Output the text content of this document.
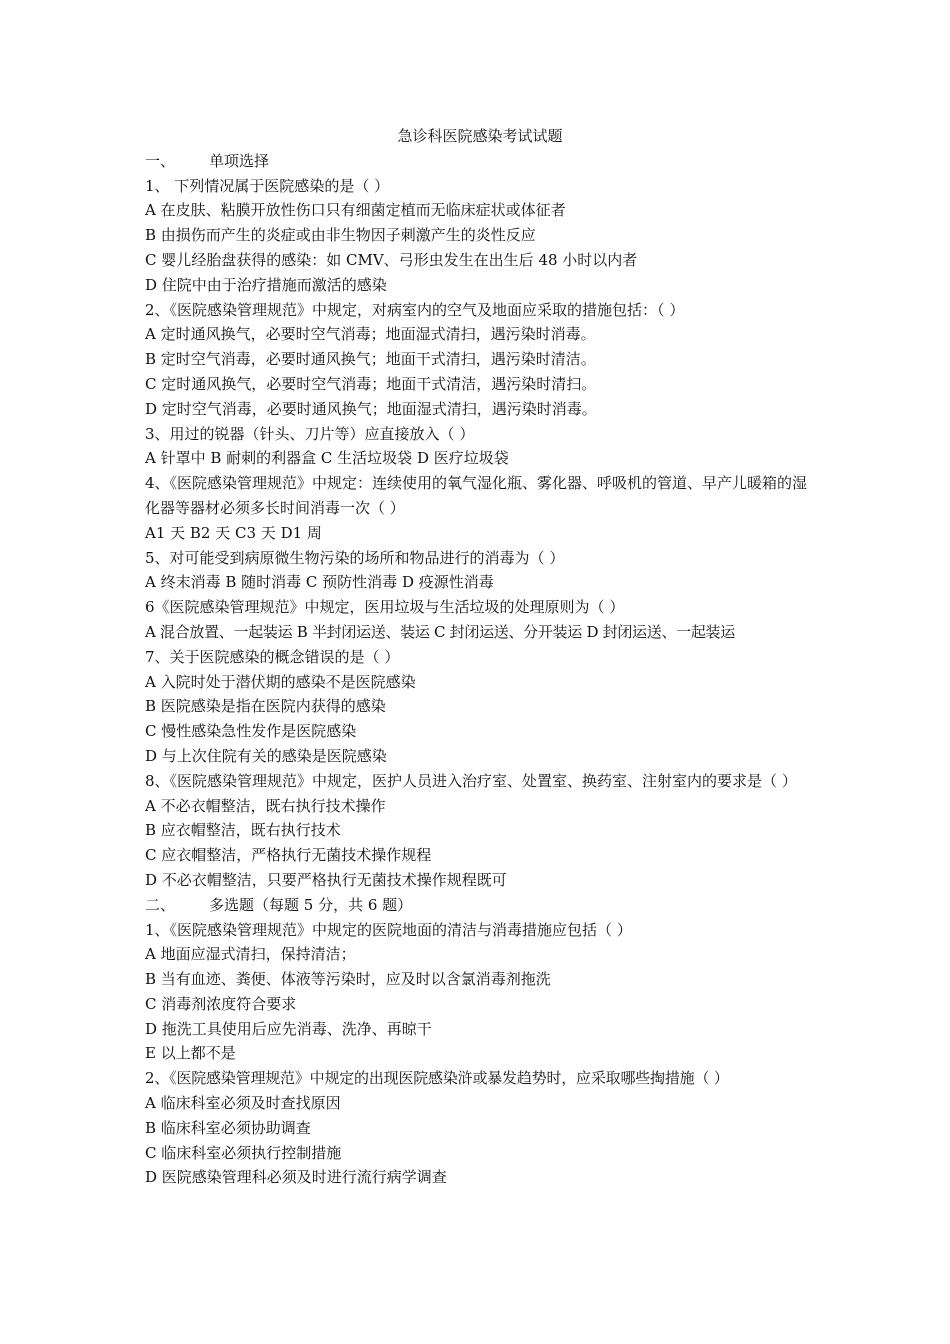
急诊科医院感染考试试题

一、 单项选择

1、 下列情况属于医院感染的是（ ）

A 在皮肤、粘膜开放性伤口只有细菌定植而无临床症状或体征者

B 由损伤而产生的炎症或由非生物因子刺激产生的炎性反应

C 婴儿经胎盘获得的感染：如 CMV、弓形虫发生在出生后 48 小时以内者

D 住院中由于治疗措施而激活的感染

2、《医院感染管理规范》中规定，对病室内的空气及地面应采取的措施包括：（ ）

A 定时通风换气，必要时空气消毒；地面湿式清扫，遇污染时消毒。

B 定时空气消毒，必要时通风换气；地面干式清扫，遇污染时清洁。

C 定时通风换气，必要时空气消毒；地面干式清洁，遇污染时清扫。

D 定时空气消毒，必要时通风换气；地面湿式清扫，遇污染时消毒。

3、用过的锐器（针头、刀片等）应直接放入（ ）

A 针罩中 B 耐刺的利器盒 C 生活垃圾袋 D 医疗垃圾袋

4、《医院感染管理规范》中规定：连续使用的氧气湿化瓶、雾化器、呼吸机的管道、早产儿暖箱的湿化器等器材必须多长时间消毒一次（ ）

A1 天 B2 天 C3 天 D1 周

5、对可能受到病原微生物污染的场所和物品进行的消毒为（ ）

A 终末消毒 B 随时消毒 C 预防性消毒 D 疫源性消毒

6《医院感染管理规范》中规定，医用垃圾与生活垃圾的处理原则为（ ）

A 混合放置、一起装运 B 半封闭运送、装运 C 封闭运送、分开装运 D 封闭运送、一起装运

7、关于医院感染的概念错误的是（ ）

A 入院时处于潜伏期的感染不是医院感染

B 医院感染是指在医院内获得的感染

C 慢性感染急性发作是医院感染

D 与上次住院有关的感染是医院感染

8、《医院感染管理规范》中规定，医护人员进入治疗室、处置室、换药室、注射室内的要求是（ ）

A 不必衣帽整洁，既右执行技术操作

B 应衣帽整洁，既右执行技术

C 应衣帽整洁，严格执行无菌技术操作规程

D 不必衣帽整洁，只要严格执行无菌技术操作规程既可

二、 多选题（每题 5 分，共 6 题）

1、《医院感染管理规范》中规定的医院地面的清洁与消毒措施应包括（ ）

A 地面应湿式清扫，保持清洁；

B 当有血迹、粪便、体液等污染时，应及时以含氯消毒剂拖洗

C 消毒剂浓度符合要求

D 拖洗工具使用后应先消毒、洗净、再晾干

E 以上都不是

2、《医院感染管理规范》中规定的出现医院感染浒或暴发趋势时，应采取哪些掏措施（ ）

A 临床科室必须及时查找原因

B 临床科室必须协助调查

C 临床科室必须执行控制措施

D 医院感染管理科必须及时进行流行病学调查
